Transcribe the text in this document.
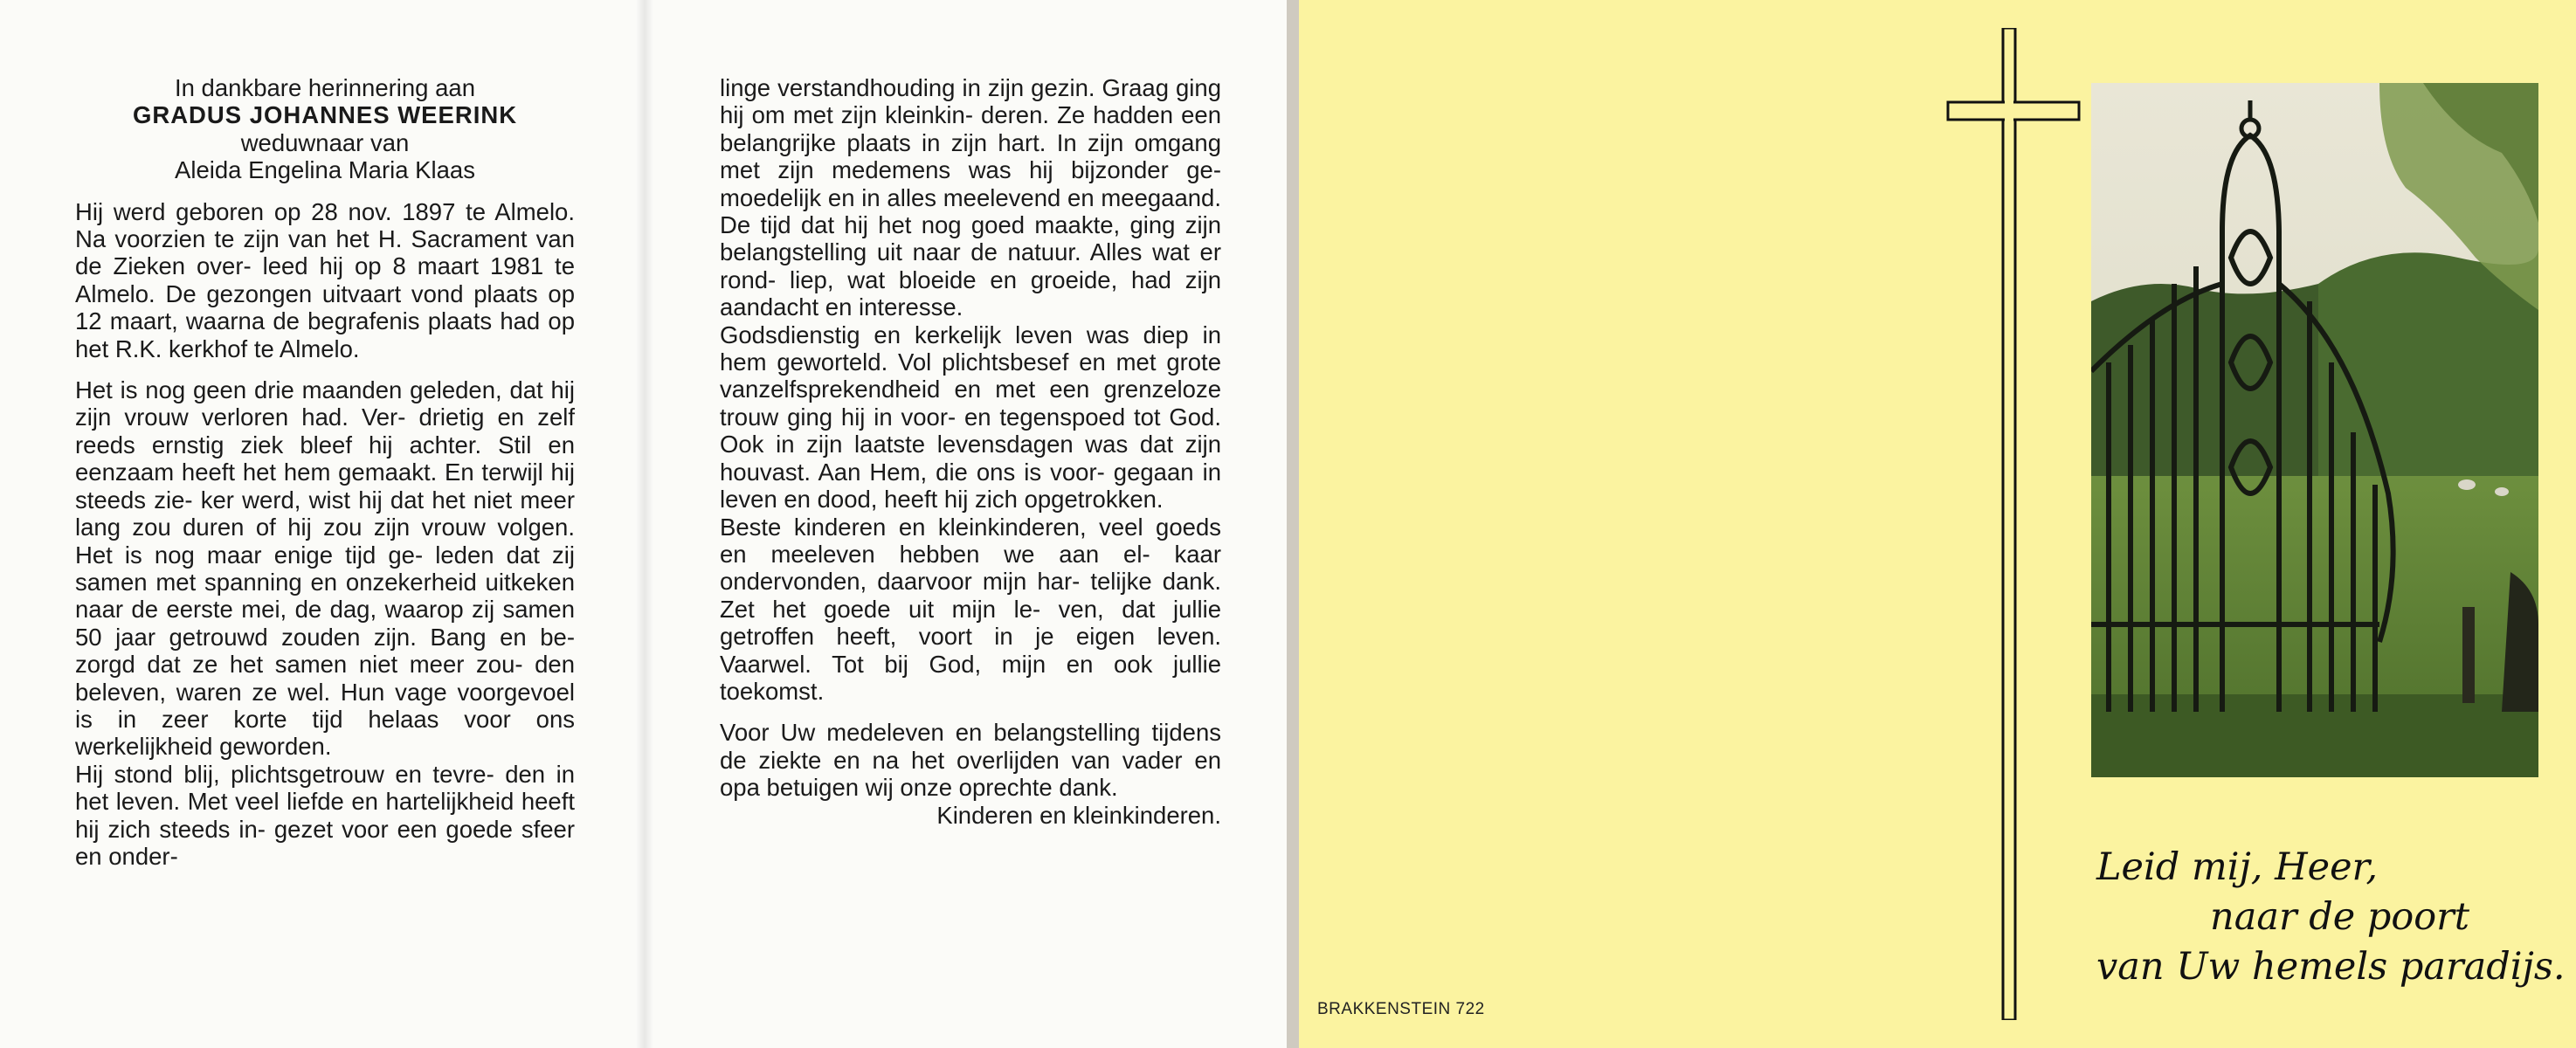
In dankbare herinnering aan

GRADUS JOHANNES WEERINK

weduwnaar van

Aleida Engelina Maria Klaas

Hij werd geboren op 28 nov. 1897 te Almelo. Na voorzien te zijn van het H. Sacrament van de Zieken over- leed hij op 8 maart 1981 te Almelo. De gezongen uitvaart vond plaats op 12 maart, waarna de begrafenis plaats had op het R.K. kerkhof te Almelo.

Het is nog geen drie maanden geleden, dat hij zijn vrouw verloren had. Ver- drietig en zelf reeds ernstig ziek bleef hij achter. Stil en eenzaam heeft het hem gemaakt. En terwijl hij steeds zie- ker werd, wist hij dat het niet meer lang zou duren of hij zou zijn vrouw volgen. Het is nog maar enige tijd ge- leden dat zij samen met spanning en onzekerheid uitkeken naar de eerste mei, de dag, waarop zij samen 50 jaar getrouwd zouden zijn. Bang en be- zorgd dat ze het samen niet meer zou- den beleven, waren ze wel. Hun vage voorgevoel is in zeer korte tijd helaas voor ons werkelijkheid geworden.

Hij stond blij, plichtsgetrouw en tevre- den in het leven. Met veel liefde en hartelijkheid heeft hij zich steeds in- gezet voor een goede sfeer en onder-

linge verstandhouding in zijn gezin. Graag ging hij om met zijn kleinkin- deren. Ze hadden een belangrijke plaats in zijn hart. In zijn omgang met zijn medemens was hij bijzonder ge- moedelijk en in alles meelevend en meegaand. De tijd dat hij het nog goed maakte, ging zijn belangstelling uit naar de natuur. Alles wat er rond- liep, wat bloeide en groeide, had zijn aandacht en interesse.

Godsdienstig en kerkelijk leven was diep in hem geworteld. Vol plichtsbesef en met grote vanzelfsprekendheid en met een grenzeloze trouw ging hij in voor- en tegenspoed tot God. Ook in zijn laatste levensdagen was dat zijn houvast. Aan Hem, die ons is voor- gegaan in leven en dood, heeft hij zich opgetrokken.

Beste kinderen en kleinkinderen, veel goeds en meeleven hebben we aan el- kaar ondervonden, daarvoor mijn har- telijke dank. Zet het goede uit mijn le- ven, dat jullie getroffen heeft, voort in je eigen leven. Vaarwel. Tot bij God, mijn en ook jullie toekomst.

Voor Uw medeleven en belangstelling tijdens de ziekte en na het overlijden van vader en opa betuigen wij onze oprechte dank.

Kinderen en kleinkinderen.

BRAKKENSTEIN 722
Leid mij, Heer,
naar de poort
van Uw hemels paradijs.
